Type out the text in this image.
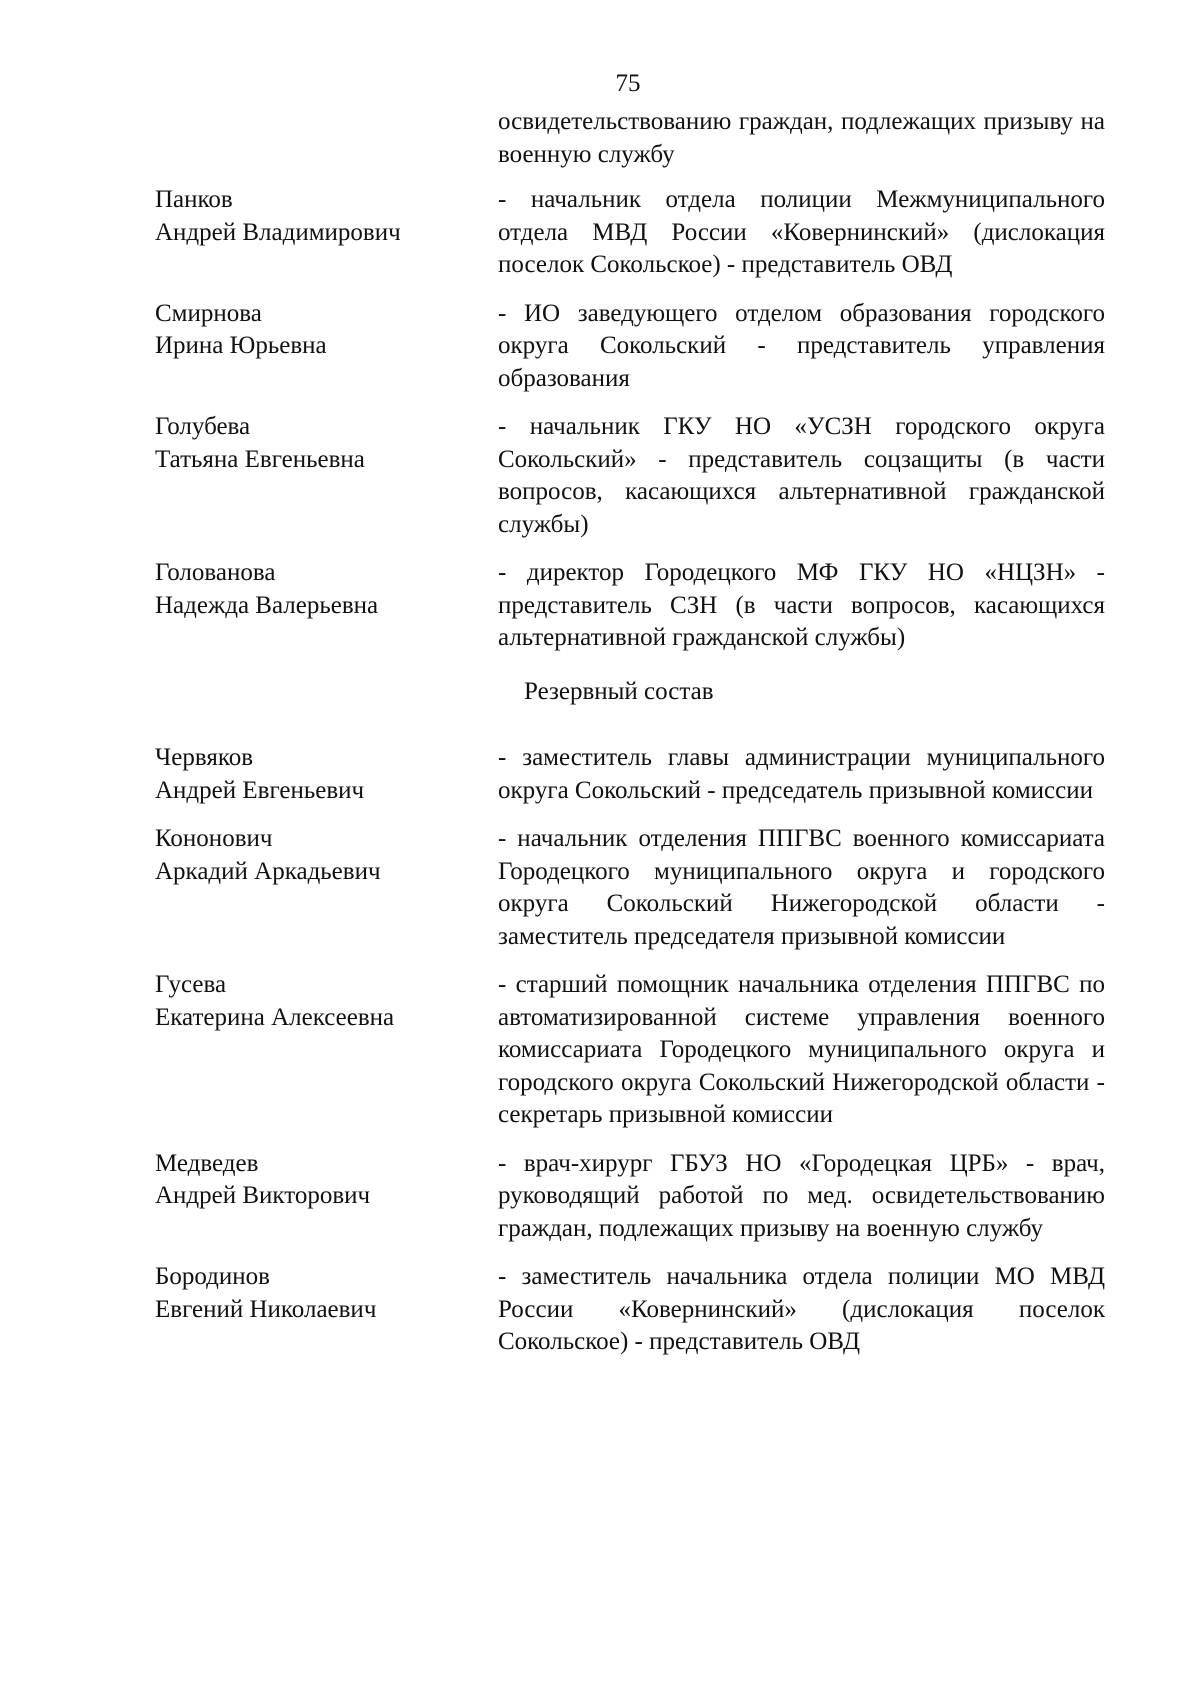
75
освидетельствованию граждан, подлежащих призыву на военную службу
Панков
Андрей Владимирович
- начальник отдела полиции Межмуниципального отдела МВД России «Ковернинский» (дислокация поселок Сокольское) - представитель ОВД
Смирнова
Ирина Юрьевна
- ИО заведующего отделом образования городского округа Сокольский - представитель управления образования
Голубева
Татьяна Евгеньевна
- начальник ГКУ НО «УСЗН городского округа Сокольский» - представитель соцзащиты (в части вопросов, касающихся альтернативной гражданской службы)
Голованова
Надежда Валерьевна
- директор Городецкого МФ ГКУ НО «НЦЗН» - представитель СЗН (в части вопросов, касающихся альтернативной гражданской службы)
Резервный состав
Червяков
Андрей Евгеньевич
- заместитель главы администрации муниципального округа Сокольский - председатель призывной комиссии
Кононович
Аркадий Аркадьевич
- начальник отделения ППГВС военного комиссариата Городецкого муниципального округа и городского округа Сокольский Нижегородской области - заместитель председателя призывной комиссии
Гусева
Екатерина Алексеевна
- старший помощник начальника отделения ППГВС по автоматизированной системе управления военного комиссариата Городецкого муниципального округа и городского округа Сокольский Нижегородской области - секретарь призывной комиссии
Медведев
Андрей Викторович
- врач-хирург ГБУЗ НО «Городецкая ЦРБ» - врач, руководящий работой по мед. освидетельствованию граждан, подлежащих призыву на военную службу
Бородинов
Евгений Николаевич
- заместитель начальника отдела полиции МО МВД России «Ковернинский» (дислокация поселок Сокольское) - представитель ОВД
